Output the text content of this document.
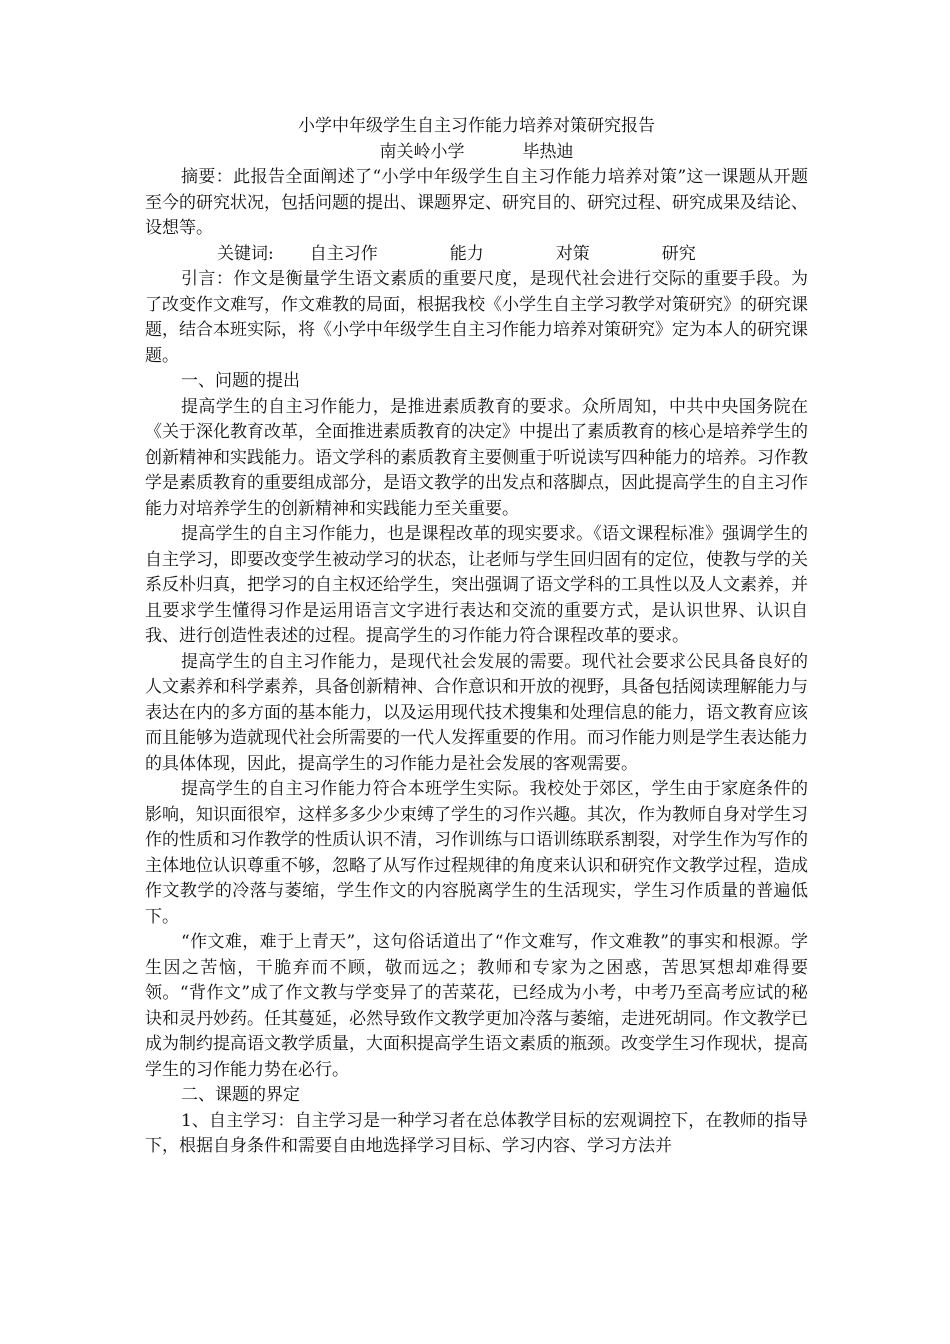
小学中年级学生自主习作能力培养对策研究报告

南关岭小学	毕热迪

摘要：此报告全面阐述了“小学中年级学生自主习作能力培养对策”这一课题从开题至今的研究状况，包括问题的提出、课题界定、研究目的、研究过程、研究成果及结论、设想等。

关键词: 自主习作	能力	对策	研究

引言：作文是衡量学生语文素质的重要尺度，是现代社会进行交际的重要手段。为了改变作文难写，作文难教的局面，根据我校《小学生自主学习教学对策研究》的研究课题，结合本班实际，将《小学中年级学生自主习作能力培养对策研究》定为本人的研究课题。

一、问题的提出

提高学生的自主习作能力，是推进素质教育的要求。众所周知，中共中央国务院在《关于深化教育改革，全面推进素质教育的决定》中提出了素质教育的核心是培养学生的创新精神和实践能力。语文学科的素质教育主要侧重于听说读写四种能力的培养。习作教学是素质教育的重要组成部分，是语文教学的出发点和落脚点，因此提高学生的自主习作能力对培养学生的创新精神和实践能力至关重要。

提高学生的自主习作能力，也是课程改革的现实要求。《语文课程标准》强调学生的自主学习，即要改变学生被动学习的状态，让老师与学生回归固有的定位，使教与学的关系反朴归真，把学习的自主权还给学生，突出强调了语文学科的工具性以及人文素养，并且要求学生懂得习作是运用语言文字进行表达和交流的重要方式，是认识世界、认识自我、进行创造性表述的过程。提高学生的习作能力符合课程改革的要求。

提高学生的自主习作能力，是现代社会发展的需要。现代社会要求公民具备良好的人文素养和科学素养，具备创新精神、合作意识和开放的视野，具备包括阅读理解能力与表达在内的多方面的基本能力，以及运用现代技术搜集和处理信息的能力，语文教育应该而且能够为造就现代社会所需要的一代人发挥重要的作用。而习作能力则是学生表达能力的具体体现，因此，提高学生的习作能力是社会发展的客观需要。

提高学生的自主习作能力符合本班学生实际。我校处于郊区，学生由于家庭条件的影响，知识面很窄，这样多多少少束缚了学生的习作兴趣。其次，作为教师自身对学生习作的性质和习作教学的性质认识不清，习作训练与口语训练联系割裂，对学生作为写作的主体地位认识尊重不够，忽略了从写作过程规律的角度来认识和研究作文教学过程，造成作文教学的冷落与萎缩，学生作文的内容脱离学生的生活现实，学生习作质量的普遍低下。

“作文难，难于上青天”，这句俗话道出了“作文难写，作文难教”的事实和根源。学生因之苦恼，干脆弃而不顾，敬而远之；教师和专家为之困惑，苦思冥想却难得要领。“背作文”成了作文教与学变异了的苦菜花，已经成为小考，中考乃至高考应试的秘诀和灵丹妙药。任其蔓延，必然导致作文教学更加冷落与萎缩，走进死胡同。作文教学已成为制约提高语文教学质量，大面积提高学生语文素质的瓶颈。改变学生习作现状，提高学生的习作能力势在必行。

二、课题的界定

1、自主学习：自主学习是一种学习者在总体教学目标的宏观调控下，在教师的指导下，根据自身条件和需要自由地选择学习目标、学习内容、学习方法并
